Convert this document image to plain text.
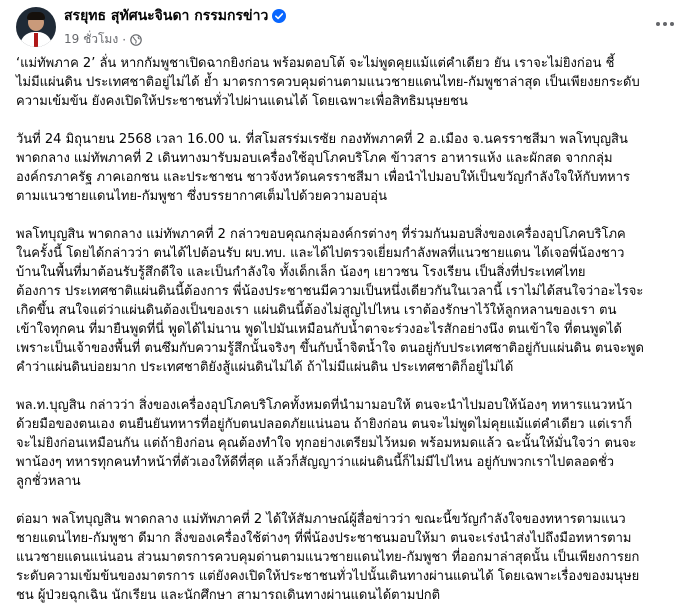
สรยุทธ สุทัศนะจินดา กรรมกรข่าว
19 ชั่วโมง ·

‘แม่ทัพภาค 2’ ลั่น หากกัมพูชาเปิดฉากยิงก่อน พร้อมตอบโต้ จะไม่พูดคุยแม้แต่คำเดียว ยัน เราจะไม่ยิงก่อน ชี้
ไม่มีแผ่นดิน ประเทศชาติอยู่ไม่ได้ ย้ำ มาตรการควบคุมด่านตามแนวชายแดนไทย-กัมพูชาล่าสุด เป็นเพียงยกระดับ
ความเข้มข้น ยังคงเปิดให้ประชาชนทั่วไปผ่านแดนได้ โดยเฉพาะเพื่อสิทธิมนุษยชน

วันที่ 24 มิถุนายน 2568 เวลา 16.00 น. ที่สโมสรร่มเรซัย กองทัพภาคที่ 2 อ.เมือง จ.นครราชสีมา พลโทบุญสิน
พาดกลาง แม่ทัพภาคที่ 2 เดินทางมารับมอบเครื่องใช้อุปโภคบริโภค ข้าวสาร อาหารแห้ง และผักสด จากกลุ่ม
องค์กรภาครัฐ ภาคเอกชน และประชาชน ชาวจังหวัดนครราชสีมา เพื่อนำไปมอบให้เป็นขวัญกำลังใจให้กับทหาร
ตามแนวชายแดนไทย-กัมพูชา ซึ่งบรรยากาศเต็มไปด้วยความอบอุ่น

พลโทบุญสิน พาดกลาง แม่ทัพภาคที่ 2 กล่าวขอบคุณกลุ่มองค์กรต่างๆ ที่ร่วมกันมอบสิ่งของเครื่องอุปโภคบริโภค
ในครั้งนี้ โดยได้กล่าวว่า ตนได้ไปต้อนรับ ผบ.ทบ. และได้ไปตรวจเยี่ยมกำลังพลที่แนวชายแดน ได้เจอพี่น้องชาว
บ้านในพื้นที่มาต้อนรับรู้สึกดีใจ และเป็นกำลังใจ ทั้งเด็กเล็ก น้องๆ เยาวชน โรงเรียน เป็นสิ่งที่ประเทศไทย
ต้องการ ประเทศชาติแผ่นดินนี้ต้องการ พี่น้องประชาชนมีความเป็นหนึ่งเดียวกันในเวลานี้ เราไม่ได้สนใจว่าอะไรจะ
เกิดขึ้น สนใจแต่ว่าแผ่นดินต้องเป็นของเรา แผ่นดินนี้ต้องไม่สูญไปไหน เราต้องรักษาไว้ให้ลูกหลานของเรา ตน
เข้าใจทุกคน ที่มายืนพูดที่นี่ พูดได้ไม่นาน พูดไปมันเหมือนกับน้ำตาจะร่วงอะไรสักอย่างนึง ตนเข้าใจ ที่ตนพูดได้
เพราะเป็นเจ้าของพื้นที่ ตนซึมกับความรู้สึกนั้นจริงๆ ขึ้นกับน้ำจิตน้ำใจ ตนอยู่กับประเทศชาติอยู่กับแผ่นดิน ตนจะพูด
คำว่าแผ่นดินบ่อยมาก ประเทศชาติยังสู้แผ่นดินไม่ได้ ถ้าไม่มีแผ่นดิน ประเทศชาติก็อยู่ไม่ได้

พล.ท.บุญสิน กล่าวว่า สิ่งของเครื่องอุปโภคบริโภคทั้งหมดที่นำมามอบให้ ตนจะนำไปมอบให้น้องๆ ทหารแนวหน้า
ด้วยมือของตนเอง ตนยืนยันทหารที่อยู่กับตนปลอดภัยแน่นอน ถ้ายิงก่อน ตนจะไม่พูดไม่คุยแม้แต่คำเดียว แต่เราก็
จะไม่ยิงก่อนเหมือนกัน แต่ถ้ายิงก่อน คุณต้องทำใจ ทุกอย่างเตรียมไว้หมด พร้อมหมดแล้ว ฉะนั้นให้มั่นใจว่า ตนจะ
พาน้องๆ ทหารทุกคนทำหน้าที่ตัวเองให้ดีที่สุด แล้วก็สัญญาว่าแผ่นดินนี้ก็ไม่มีไปไหน อยู่กับพวกเราไปตลอดชั่ว
ลูกชั่วหลาน

ต่อมา พลโทบุญสิน พาดกลาง แม่ทัพภาคที่ 2 ได้ให้สัมภาษณ์ผู้สื่อข่าวว่า ขณะนี้ขวัญกำลังใจของทหารตามแนว
ชายแดนไทย-กัมพูชา ดีมาก สิ่งของเครื่องใช้ต่างๆ ที่พี่น้องประชาชนมอบให้มา ตนจะเร่งนำส่งไปถึงมือทหารตาม
แนวชายแดนแน่นอน ส่วนมาตรการควบคุมด่านตามแนวชายแดนไทย-กัมพูชา ที่ออกมาล่าสุดนั้น เป็นเพียงการยก
ระดับความเข้มข้นของมาตรการ แต่ยังคงเปิดให้ประชาชนทั่วไปนั้นเดินทางผ่านแดนได้ โดยเฉพาะเรื่องของมนุษย
ชน ผู้ป่วยฉุกเฉิน นักเรียน และนักศึกษา สามารถเดินทางผ่านแดนได้ตามปกติ
